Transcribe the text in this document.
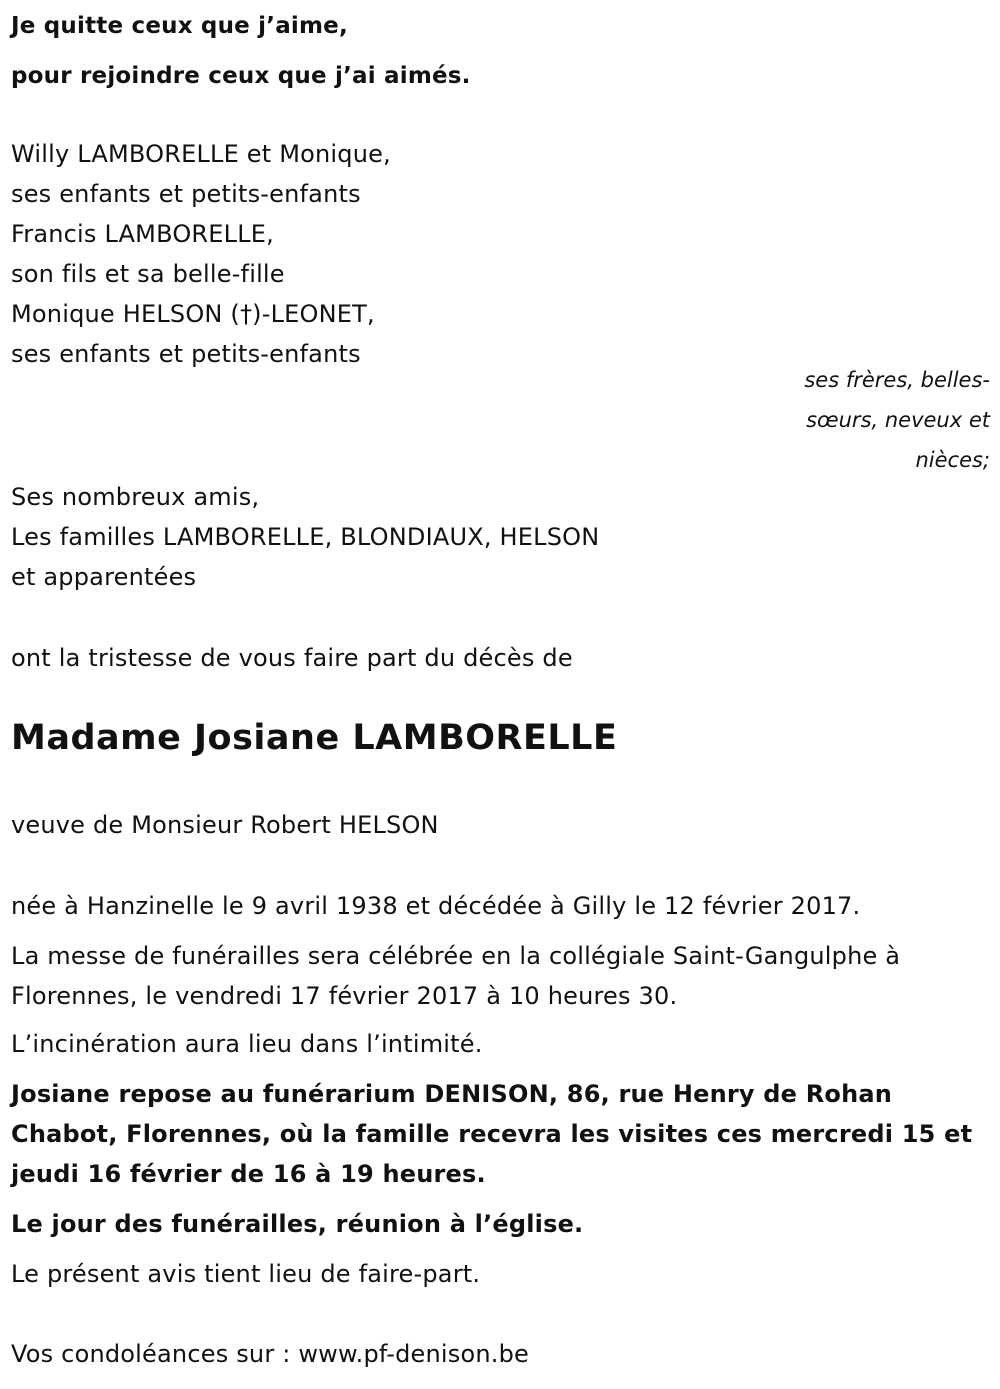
Je quitte ceux que j’aime,

pour rejoindre ceux que j’ai aimés.

Willy LAMBORELLE et Monique,

ses enfants et petits-enfants

Francis LAMBORELLE,

son fils et sa belle-fille

Monique HELSON (†)-LEONET,

ses enfants et petits-enfants

ses frères, belles-
sœurs, neveux et
nièces;

Ses nombreux amis,

Les familles LAMBORELLE, BLONDIAUX, HELSON

et apparentées

ont la tristesse de vous faire part du décès de

Madame Josiane LAMBORELLE

veuve de Monsieur Robert HELSON

née à Hanzinelle le 9 avril 1938 et décédée à Gilly le 12 février 2017.

La messe de funérailles sera célébrée en la collégiale Saint-Gangulphe à

Florennes, le vendredi 17 février 2017 à 10 heures 30.

L’incinération aura lieu dans l’intimité.

Josiane repose au funérarium DENISON, 86, rue Henry de Rohan

Chabot, Florennes, où la famille recevra les visites ces mercredi 15 et

jeudi 16 février de 16 à 19 heures.

Le jour des funérailles, réunion à l’église.

Le présent avis tient lieu de faire-part.

Vos condoléances sur : www.pf-denison.be
